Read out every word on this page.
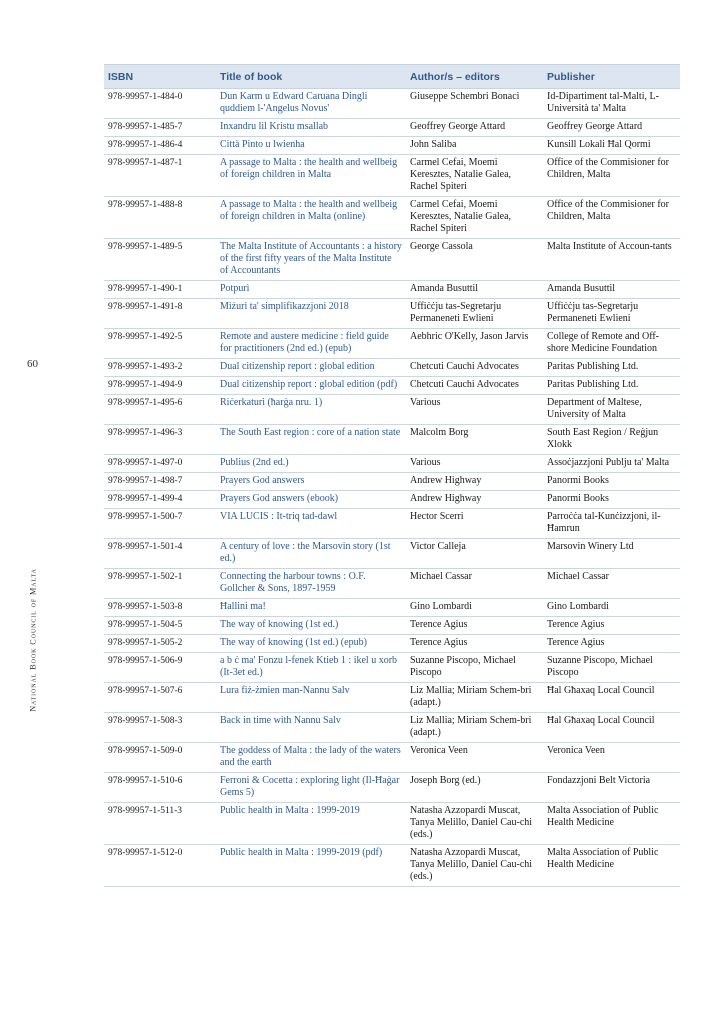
60
National Book Council of Malta
ISBN	Title of book	Author/s – editors	Publisher
978-99957-1-484-0	Dun Karm u Edward Caruana Dingli quddiem l-'Angelus Novus'	Giuseppe Schembri Bonaci	Id-Dipartiment tal-Malti, L-Università ta' Malta
978-99957-1-485-7	Inxandru lil Kristu msallab	Geoffrey George Attard	Geoffrey George Attard
978-99957-1-486-4	Città Pinto u lwienha	John Saliba	Kunsill Lokali Ħal Qormi
978-99957-1-487-1	A passage to Malta : the health and wellbeig of foreign children in Malta	Carmel Cefai, Moemi Keresztes, Natalie Galea, Rachel Spiteri	Office of the Commisioner for Children, Malta
978-99957-1-488-8	A passage to Malta : the health and wellbeig of foreign children in Malta (online)	Carmel Cefai, Moemi Keresztes, Natalie Galea, Rachel Spiteri	Office of the Commisioner for Children, Malta
978-99957-1-489-5	The Malta Institute of Accountants : a history of the first fifty years of the Malta Institute of Accountants	George Cassola	Malta Institute of Accoun-tants
978-99957-1-490-1	Potpurì	Amanda Busuttil	Amanda Busuttil
978-99957-1-491-8	Miżuri ta' simplifikazzjoni 2018	Uffiċċju tas-Segretarju Permaneneti Ewlieni	Uffiċċju tas-Segretarju Permaneneti Ewlieni
978-99957-1-492-5	Remote and austere medicine : field guide for practitioners (2nd ed.) (epub)	Aebhric O'Kelly, Jason Jarvis	College of Remote and Off-shore Medicine Foundation
978-99957-1-493-2	Dual citizenship report : global edition	Chetcuti Cauchi Advocates	Paritas Publishing Ltd.
978-99957-1-494-9	Dual citizenship report : global edition (pdf)	Chetcuti Cauchi Advocates	Paritas Publishing Ltd.
978-99957-1-495-6	Riċerkaturi (ħarġa nru. 1)	Various	Department of Maltese, University of Malta
978-99957-1-496-3	The South East region : core of a nation state	Malcolm Borg	South East Region / Reġjun Xlokk
978-99957-1-497-0	Publius (2nd ed.)	Various	Assoċjazzjoni Publju ta' Malta
978-99957-1-498-7	Prayers God answers	Andrew Highway	Panormi Books
978-99957-1-499-4	Prayers God answers (ebook)	Andrew Highway	Panormi Books
978-99957-1-500-7	VIA LUCIS : It-triq tad-dawl	Hector Scerri	Parroċċa tal-Kunċizzjoni, il-Ħamrun
978-99957-1-501-4	A century of love : the Marsovin story (1st ed.)	Victor Calleja	Marsovin Winery Ltd
978-99957-1-502-1	Connecting the harbour towns : O.F. Gollcher & Sons, 1897-1959	Michael Cassar	Michael Cassar
978-99957-1-503-8	Ħallini ma!	Gino Lombardi	Gino Lombardi
978-99957-1-504-5	The way of knowing (1st ed.)	Terence Agius	Terence Agius
978-99957-1-505-2	The way of knowing (1st ed.) (epub)	Terence Agius	Terence Agius
978-99957-1-506-9	a b ċ ma' Fonzu l-fenek Ktieb 1 : ikel u xorb (It-3et ed.)	Suzanne Piscopo, Michael Piscopo	Suzanne Piscopo, Michael Piscopo
978-99957-1-507-6	Lura fiż-żmien man-Nannu Salv	Liz Mallia; Miriam Schem-bri (adapt.)	Ħal Għaxaq Local Council
978-99957-1-508-3	Back in time with Nannu Salv	Liz Mallia; Miriam Schem-bri (adapt.)	Ħal Għaxaq Local Council
978-99957-1-509-0	The goddess of Malta : the lady of the waters and the earth	Veronica Veen	Veronica Veen
978-99957-1-510-6	Ferroni & Cocetta : exploring light (Il-Ħaġar Gems 5)	Joseph Borg (ed.)	Fondazzjoni Belt Victoria
978-99957-1-511-3	Public health in Malta : 1999-2019	Natasha Azzopardi Muscat, Tanya Melillo, Daniel Cau-chi (eds.)	Malta Association of Public Health Medicine
978-99957-1-512-0	Public health in Malta : 1999-2019 (pdf)	Natasha Azzopardi Muscat, Tanya Melillo, Daniel Cau-chi (eds.)	Malta Association of Public Health Medicine
